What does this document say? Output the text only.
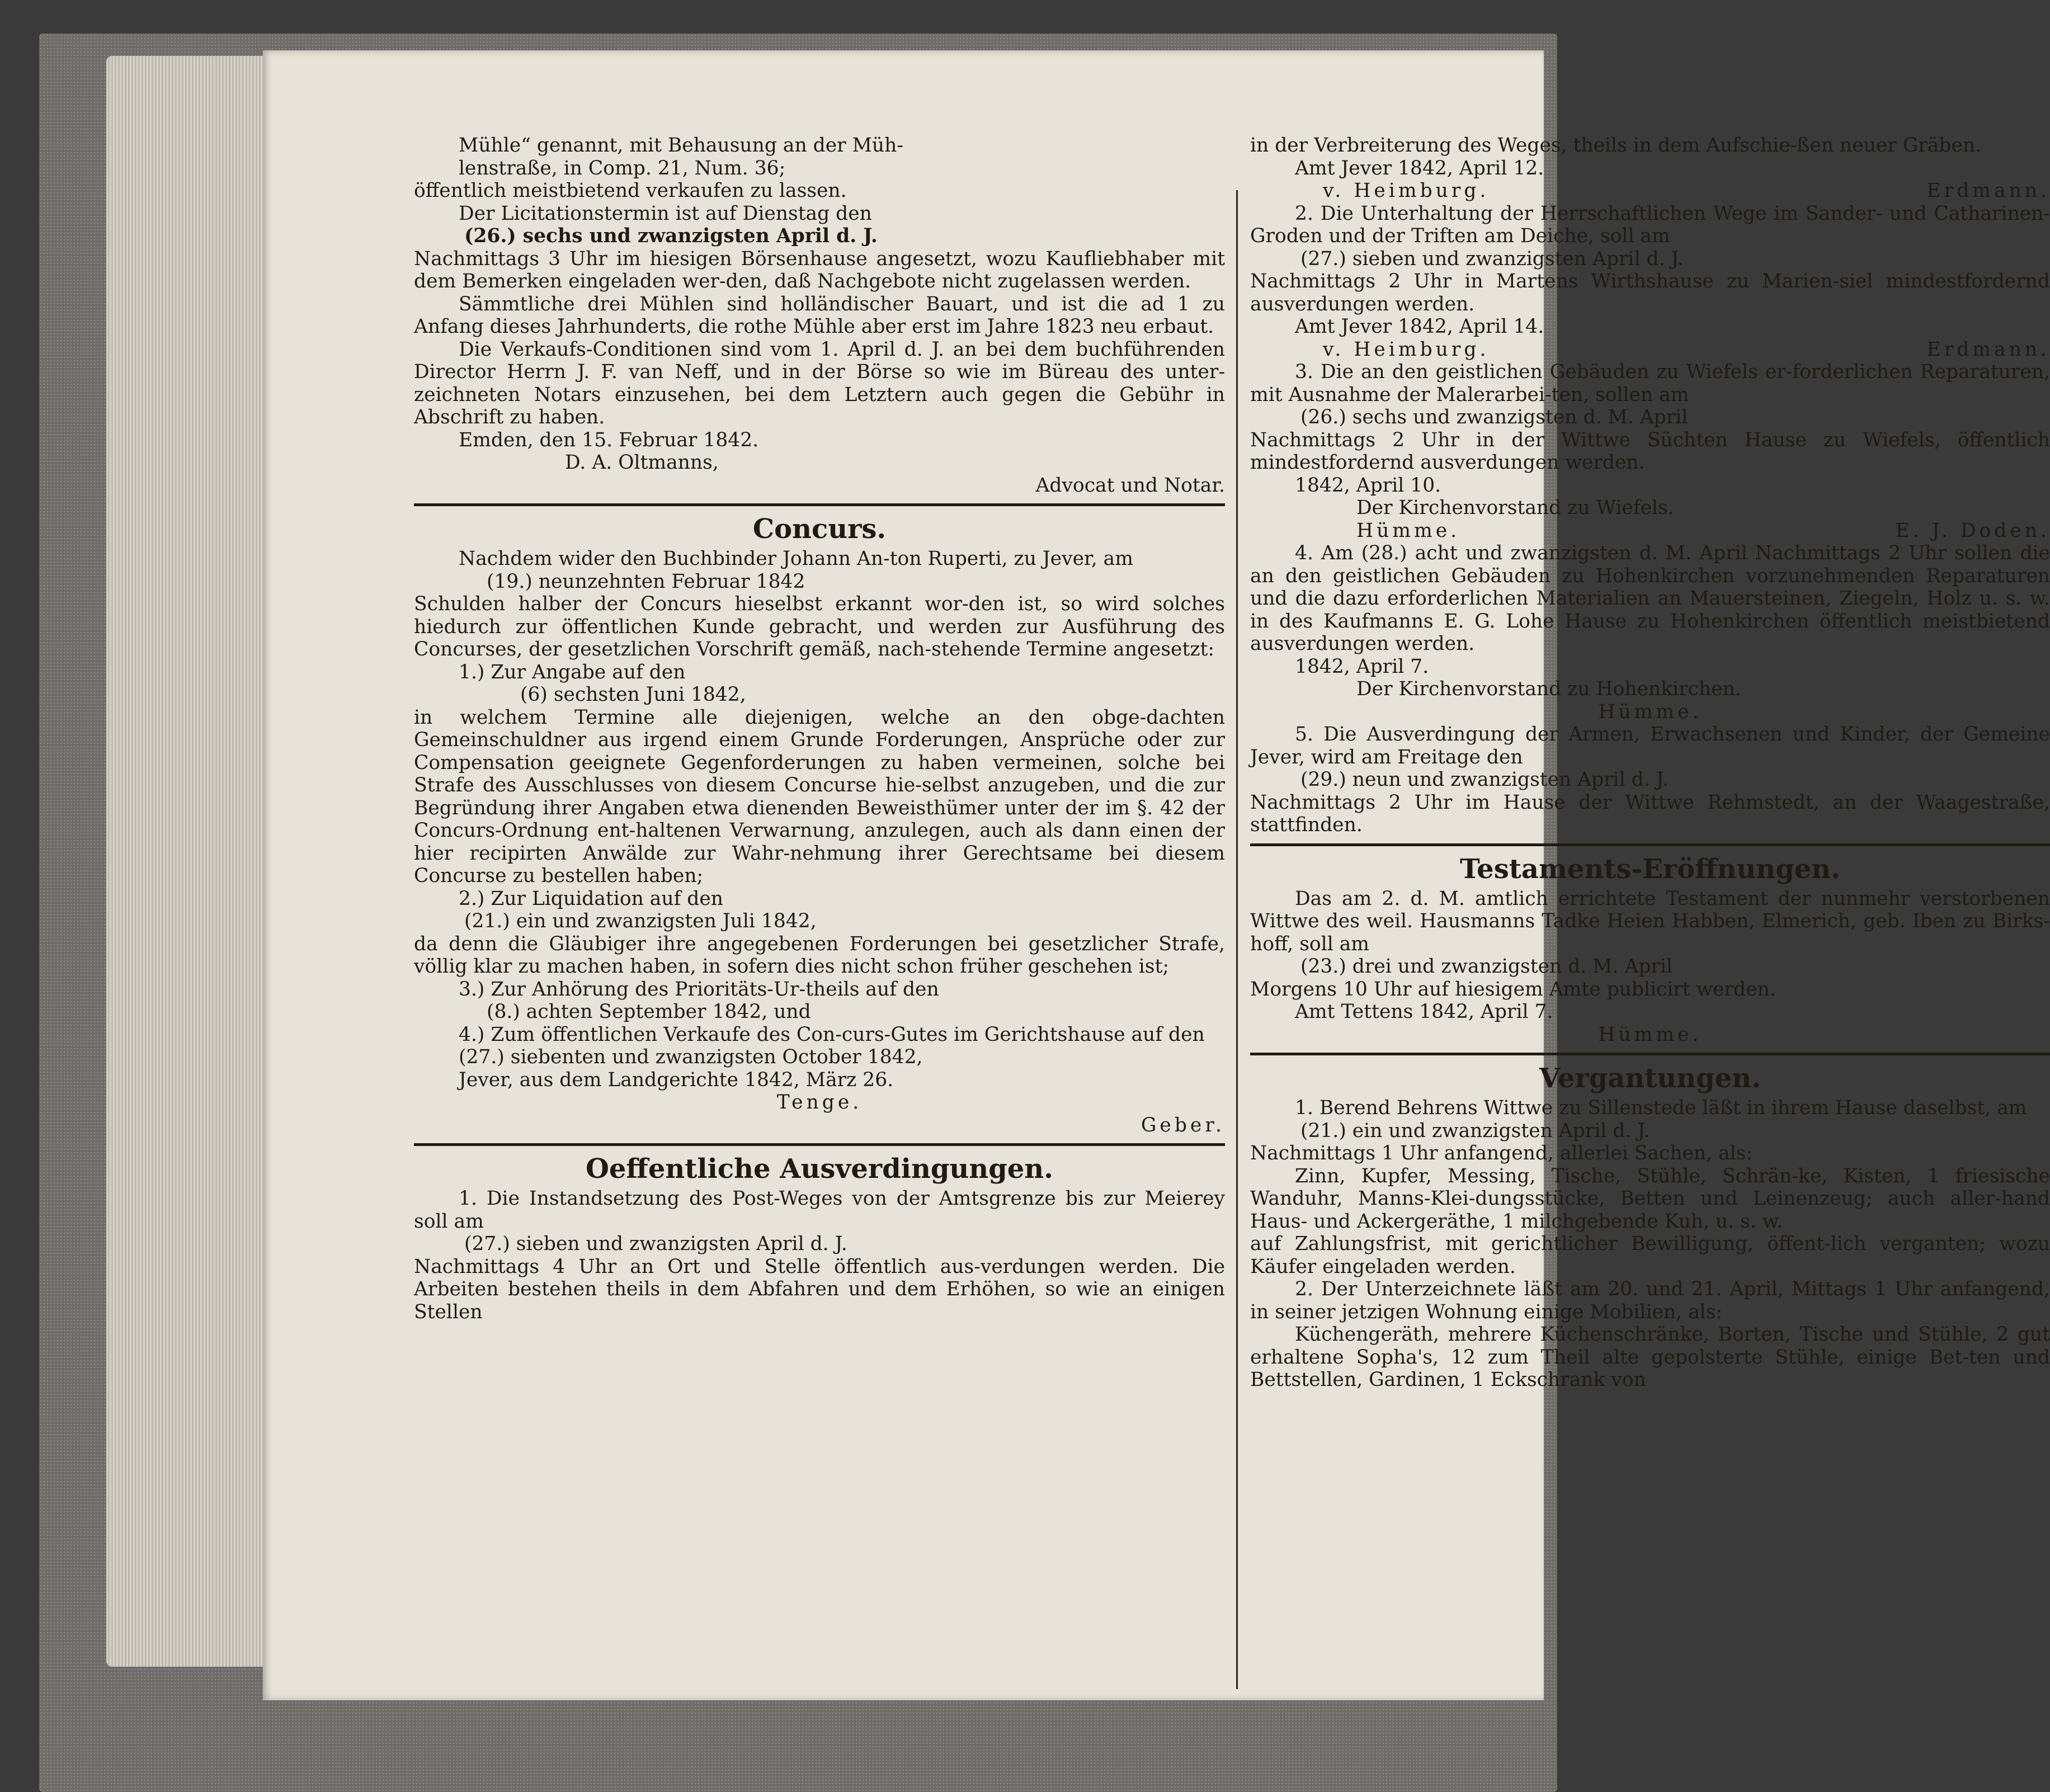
Mühle“ genannt, mit Behausung an der Müh-

lenstraße, in Comp. 21, Num. 36;

öffentlich meistbietend verkaufen zu lassen.

Der Licitationstermin ist auf Dienstag den

(26.) sechs und zwanzigsten April d. J.

Nachmittags 3 Uhr im hiesigen Börsenhause angesetzt, wozu Kaufliebhaber mit dem Bemerken eingeladen wer-den, daß Nachgebote nicht zugelassen werden.

Sämmtliche drei Mühlen sind holländischer Bauart, und ist die ad 1 zu Anfang dieses Jahrhunderts, die rothe Mühle aber erst im Jahre 1823 neu erbaut.

Die Verkaufs-Conditionen sind vom 1. April d. J. an bei dem buchführenden Director Herrn J. F. van Neff, und in der Börse so wie im Büreau des unter-zeichneten Notars einzusehen, bei dem Letztern auch gegen die Gebühr in Abschrift zu haben.

Emden, den 15. Februar 1842.

D. A. Oltmanns,

Advocat und Notar.

Concurs.

Nachdem wider den Buchbinder Johann An-ton Ruperti, zu Jever, am

(19.) neunzehnten Februar 1842

Schulden halber der Concurs hieselbst erkannt wor-den ist, so wird solches hiedurch zur öffentlichen Kunde gebracht, und werden zur Ausführung des Concurses, der gesetzlichen Vorschrift gemäß, nach-stehende Termine angesetzt:

1.) Zur Angabe auf den

(6) sechsten Juni 1842,

in welchem Termine alle diejenigen, welche an den obge-dachten Gemeinschuldner aus irgend einem Grunde Forderungen, Ansprüche oder zur Compensation geeignete Gegenforderungen zu haben vermeinen, solche bei Strafe des Ausschlusses von diesem Concurse hie-selbst anzugeben, und die zur Begründung ihrer Angaben etwa dienenden Beweisthümer unter der im §. 42 der Concurs-Ordnung ent-haltenen Verwarnung, anzulegen, auch als dann einen der hier recipirten Anwälde zur Wahr-nehmung ihrer Gerechtsame bei diesem Concurse zu bestellen haben;

2.) Zur Liquidation auf den

(21.) ein und zwanzigsten Juli 1842,

da denn die Gläubiger ihre angegebenen Forderungen bei gesetzlicher Strafe, völlig klar zu machen haben, in sofern dies nicht schon früher geschehen ist;

3.) Zur Anhörung des Prioritäts-Ur-theils auf den

(8.) achten September 1842, und

4.) Zum öffentlichen Verkaufe des Con-curs-Gutes im Gerichtshause auf den

(27.) siebenten und zwanzigsten October 1842,

Jever, aus dem Landgerichte 1842, März 26.

Tenge.

Geber.

Oeffentliche Ausverdingungen.

1. Die Instandsetzung des Post-Weges von der Amtsgrenze bis zur Meierey soll am

(27.) sieben und zwanzigsten April d. J.

Nachmittags 4 Uhr an Ort und Stelle öffentlich aus-verdungen werden. Die Arbeiten bestehen theils in dem Abfahren und dem Erhöhen, so wie an einigen Stellen

in der Verbreiterung des Weges, theils in dem Aufschie-ßen neuer Gräben.

Amt Jever 1842, April 12.

v. Heimburg.	Erdmann.

2. Die Unterhaltung der Herrschaftlichen Wege im Sander- und Catharinen-Groden und der Triften am Deiche, soll am

(27.) sieben und zwanzigsten April d. J.

Nachmittags 2 Uhr in Martens Wirthshause zu Marien-siel mindestfordernd ausverdungen werden.

Amt Jever 1842, April 14.

v. Heimburg.	Erdmann.

3. Die an den geistlichen Gebäuden zu Wiefels er-forderlichen Reparaturen, mit Ausnahme der Malerarbei-ten, sollen am

(26.) sechs und zwanzigsten d. M. April

Nachmittags 2 Uhr in der Wittwe Süchten Hause zu Wiefels, öffentlich mindestfordernd ausverdungen werden.

1842, April 10.

Der Kirchenvorstand zu Wiefels.

Hümme.	E. J. Doden.

4. Am (28.) acht und zwanzigsten d. M. April Nachmittags 2 Uhr sollen die an den geistlichen Gebäuden zu Hohenkirchen vorzunehmenden Reparaturen und die dazu erforderlichen Materialien an Mauersteinen, Ziegeln, Holz u. s. w. in des Kaufmanns E. G. Lohe Hause zu Hohenkirchen öffentlich meistbietend ausverdungen werden.

1842, April 7.

Der Kirchenvorstand zu Hohenkirchen.

Hümme.

5. Die Ausverdingung der Armen, Erwachsenen und Kinder, der Gemeine Jever, wird am Freitage den

(29.) neun und zwanzigsten April d. J.

Nachmittags 2 Uhr im Hause der Wittwe Rehmstedt, an der Waagestraße, stattfinden.

Testaments-Eröffnungen.

Das am 2. d. M. amtlich errichtete Testament der nunmehr verstorbenen Wittwe des weil. Hausmanns Tadke Heien Habben, Elmerich, geb. Iben zu Birks-hoff, soll am

(23.) drei und zwanzigsten d. M. April

Morgens 10 Uhr auf hiesigem Amte publicirt werden.

Amt Tettens 1842, April 7.

Hümme.

Vergantungen.

1. Berend Behrens Wittwe zu Sillenstede läßt in ihrem Hause daselbst, am

(21.) ein und zwanzigsten April d. J.

Nachmittags 1 Uhr anfangend, allerlei Sachen, als:

Zinn, Kupfer, Messing, Tische, Stühle, Schrän-ke, Kisten, 1 friesische Wanduhr, Manns-Klei-dungsstücke, Betten und Leinenzeug; auch aller-hand Haus- und Ackergeräthe, 1 milchgebende Kuh, u. s. w.

auf Zahlungsfrist, mit gerichtlicher Bewilligung, öffent-lich verganten; wozu Käufer eingeladen werden.

2. Der Unterzeichnete läßt am 20. und 21. April, Mittags 1 Uhr anfangend, in seiner jetzigen Wohnung einige Mobilien, als:

Küchengeräth, mehrere Küchenschränke, Borten, Tische und Stühle, 2 gut erhaltene Sopha's, 12 zum Theil alte gepolsterte Stühle, einige Bet-ten und Bettstellen, Gardinen, 1 Eckschrank von
